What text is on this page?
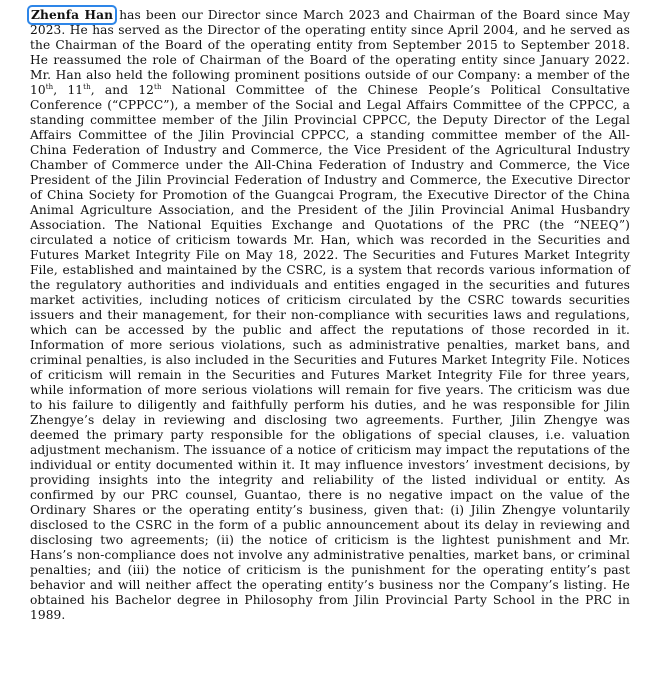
Zhenfa Han has been our Director since March 2023 and Chairman of the Board since May 2023. He has served as the Director of the operating entity since April 2004, and he served as the Chairman of the Board of the operating entity from September 2015 to September 2018. He reassumed the role of Chairman of the Board of the operating entity since January 2022. Mr. Han also held the following prominent positions outside of our Company: a member of the 10th, 11th, and 12th National Committee of the Chinese People’s Political Consultative Conference (“CPPCC”), a member of the Social and Legal Affairs Committee of the CPPCC, a standing committee member of the Jilin Provincial CPPCC, the Deputy Director of the Legal Affairs Committee of the Jilin Provincial CPPCC, a standing committee member of the All-China Federation of Industry and Commerce, the Vice President of the Agricultural Industry Chamber of Commerce under the All-China Federation of Industry and Commerce, the Vice President of the Jilin Provincial Federation of Industry and Commerce, the Executive Director of China Society for Promotion of the Guangcai Program, the Executive Director of the China Animal Agriculture Association, and the President of the Jilin Provincial Animal Husbandry Association. The National Equities Exchange and Quotations of the PRC (the “NEEQ”) circulated a notice of criticism towards Mr. Han, which was recorded in the Securities and Futures Market Integrity File on May 18, 2022. The Securities and Futures Market Integrity File, established and maintained by the CSRC, is a system that records various information of the regulatory authorities and individuals and entities engaged in the securities and futures market activities, including notices of criticism circulated by the CSRC towards securities issuers and their management, for their non-compliance with securities laws and regulations, which can be accessed by the public and affect the reputations of those recorded in it. Information of more serious violations, such as administrative penalties, market bans, and criminal penalties, is also included in the Securities and Futures Market Integrity File. Notices of criticism will remain in the Securities and Futures Market Integrity File for three years, while information of more serious violations will remain for five years. The criticism was due to his failure to diligently and faithfully perform his duties, and he was responsible for Jilin Zhengye’s delay in reviewing and disclosing two agreements. Further, Jilin Zhengye was deemed the primary party responsible for the obligations of special clauses, i.e. valuation adjustment mechanism. The issuance of a notice of criticism may impact the reputations of the individual or entity documented within it. It may influence investors’ investment decisions, by providing insights into the integrity and reliability of the listed individual or entity. As confirmed by our PRC counsel, Guantao, there is no negative impact on the value of the Ordinary Shares or the operating entity’s business, given that: (i) Jilin Zhengye voluntarily disclosed to the CSRC in the form of a public announcement about its delay in reviewing and disclosing two agreements; (ii) the notice of criticism is the lightest punishment and Mr. Hans’s non-compliance does not involve any administrative penalties, market bans, or criminal penalties; and (iii) the notice of criticism is the punishment for the operating entity’s past behavior and will neither affect the operating entity’s business nor the Company’s listing. He obtained his Bachelor degree in Philosophy from Jilin Provincial Party School in the PRC in 1989.
